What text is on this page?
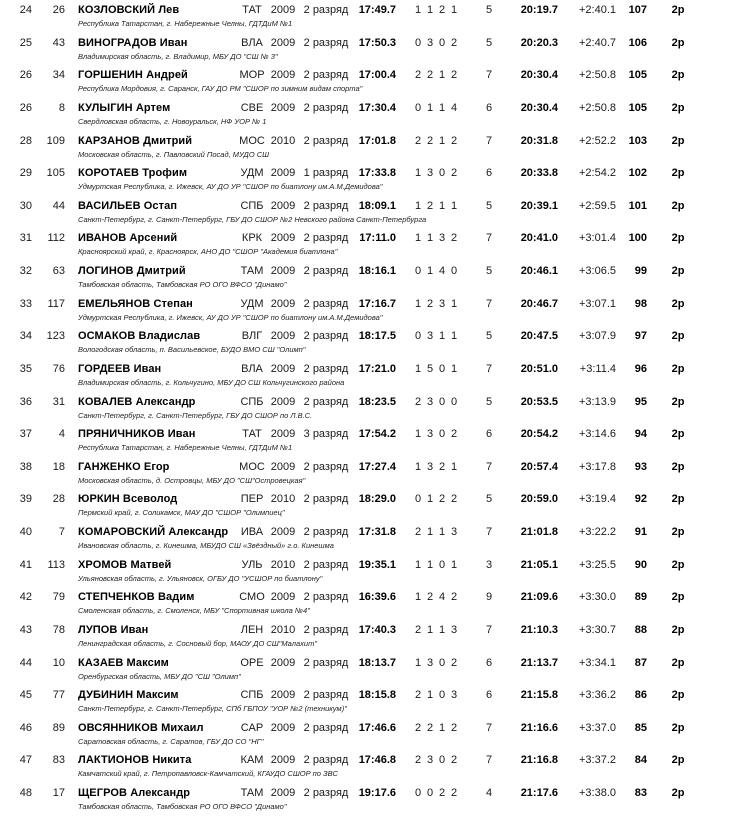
24	26	КОЗЛОВСКИЙ Лев	ТАТ 2009 2 разряд 17:49.7	1 1 2 1	5	20:19.7	+2:40.1	107	2р
Республика Татарстан, г. Набережные Челны, ГДТДиМ №1
25	43	ВИНОГРАДОВ Иван	ВЛА 2009 2 разряд 17:50.3	0 3 0 2	5	20:20.3	+2:40.7	106	2р
Владимирская область, г. Владимир, МБУ ДО "СШ № 3"
26	34	ГОРШЕНИН Андрей	МОР 2009 2 разряд 17:00.4	2 2 1 2	7	20:30.4	+2:50.8	105	2р
Республика Мордовия, г. Саранск, ГАУ ДО РМ "СШОР по зимним видам спорта"
26	8	КУЛЫГИН Артем	СВЕ 2009 2 разряд 17:30.4	0 1 1 4	6	20:30.4	+2:50.8	105	2р
Свердловская область, г. Новоуральск, НФ УОР № 1
28	109	КАРЗАНОВ Дмитрий	МОС 2010 2 разряд 17:01.8	2 2 1 2	7	20:31.8	+2:52.2	103	2р
Московская область, г. Павловский Посад, МУДО СШ
29	105	КОРОТАЕВ Трофим	УДМ 2009 1 разряд 17:33.8	1 3 0 2	6	20:33.8	+2:54.2	102	2р
Удмуртская Республика, г. Ижевск, АУ ДО УР "СШОР по биатлону им.А.М.Демидова"
30	44	ВАСИЛЬЕВ Остап	СПБ 2009 2 разряд 18:09.1	1 2 1 1	5	20:39.1	+2:59.5	101	2р
Санкт-Петербург, г. Санкт-Петербург, ГБУ ДО СШОР №2 Невского района Санкт-Петербурга
31	112	ИВАНОВ Арсений	КРК 2009 2 разряд 17:11.0	1 1 3 2	7	20:41.0	+3:01.4	100	2р
Красноярский край, г. Красноярск, АНО ДО "СШОР "Академия биатлона"
32	63	ЛОГИНОВ Дмитрий	ТАМ 2009 2 разряд 18:16.1	0 1 4 0	5	20:46.1	+3:06.5	99	2р
Тамбовская область, Тамбовская РО ОГО ВФСО "Динамо"
33	117	ЕМЕЛЬЯНОВ Степан	УДМ 2009 2 разряд 17:16.7	1 2 3 1	7	20:46.7	+3:07.1	98	2р
Удмуртская Республика, г. Ижевск, АУ ДО УР "СШОР по биатлону им.А.М.Демидова"
34	123	ОСМАКОВ Владислав	ВЛГ 2009 2 разряд 18:17.5	0 3 1 1	5	20:47.5	+3:07.9	97	2р
Вологодская область, п. Васильевское, БУДО ВМО СШ "Олимп"
35	76	ГОРДЕЕВ Иван	ВЛА 2009 2 разряд 17:21.0	1 5 0 1	7	20:51.0	+3:11.4	96	2р
Владимирская область, г. Кольчугино, МБУ ДО СШ Кольчугинского района
36	31	КОВАЛЕВ Александр	СПБ 2009 2 разряд 18:23.5	2 3 0 0	5	20:53.5	+3:13.9	95	2р
Санкт-Петербург, г. Санкт-Петербург, ГБУ ДО СШОР по Л.В.С.
37	4	ПРЯНИЧНИКОВ Иван	ТАТ 2009 3 разряд 17:54.2	1 3 0 2	6	20:54.2	+3:14.6	94	2р
Республика Татарстан, г. Набережные Челны, ГДТДиМ №1
38	18	ГАНЖЕНКО Егор	МОС 2009 2 разряд 17:27.4	1 3 2 1	7	20:57.4	+3:17.8	93	2р
Московская область, д. Островцы, МБУ ДО "СШ"Островецкая"
39	28	ЮРКИН Всеволод	ПЕР 2010 2 разряд 18:29.0	0 1 2 2	5	20:59.0	+3:19.4	92	2р
Пермский край, г. Соликамск, МАУ ДО "СШОР "Олимпиец"
40	7	КОМАРОВСКИЙ Александр	ИВА 2009 2 разряд 17:31.8	2 1 1 3	7	21:01.8	+3:22.2	91	2р
Ивановская область, г. Кинешма, МБУДО СШ «Звёздный» г.о. Кинешма
41	113	ХРОМОВ Матвей	УЛЬ 2010 2 разряд 19:35.1	1 1 0 1	3	21:05.1	+3:25.5	90	2р
Ульяновская область, г. Ульяновск, ОГБУ ДО "УСШОР по биатлону"
42	79	СТЕПЧЕНКОВ Вадим	СМО 2009 2 разряд 16:39.6	1 2 4 2	9	21:09.6	+3:30.0	89	2р
Смоленская область, г. Смоленск, МБУ "Спортивная школа №4"
43	78	ЛУПОВ Иван	ЛЕН 2010 2 разряд 17:40.3	2 1 1 3	7	21:10.3	+3:30.7	88	2р
Ленинградская область, г. Сосновый бор, МАОУ ДО СШ"Малахит"
44	10	КАЗАЕВ Максим	ОРЕ 2009 2 разряд 18:13.7	1 3 0 2	6	21:13.7	+3:34.1	87	2р
Оренбургская область, МБУ ДО "СШ "Олимп"
45	77	ДУБИНИН Максим	СПБ 2009 2 разряд 18:15.8	2 1 0 3	6	21:15.8	+3:36.2	86	2р
Санкт-Петербург, г. Санкт-Петербург, СПб ГБПОУ "УОР №2 (техникум)"
46	89	ОВСЯННИКОВ Михаил	САР 2009 2 разряд 17:46.6	2 2 1 2	7	21:16.6	+3:37.0	85	2р
Саратовская область, г. Саратов, ГБУ ДО СО "НГ"
47	83	ЛАКТИОНОВ Никита	КАМ 2009 2 разряд 17:46.8	2 3 0 2	7	21:16.8	+3:37.2	84	2р
Камчатский край, г. Петропавловск-Камчатский, КГАУДО СШОР по ЗВС
48	17	ЩЕГРОВ Александр	ТАМ 2009 2 разряд 19:17.6	0 0 2 2	4	21:17.6	+3:38.0	83	2р
Тамбовская область, Тамбовская РО ОГО ВФСО "Динамо"
